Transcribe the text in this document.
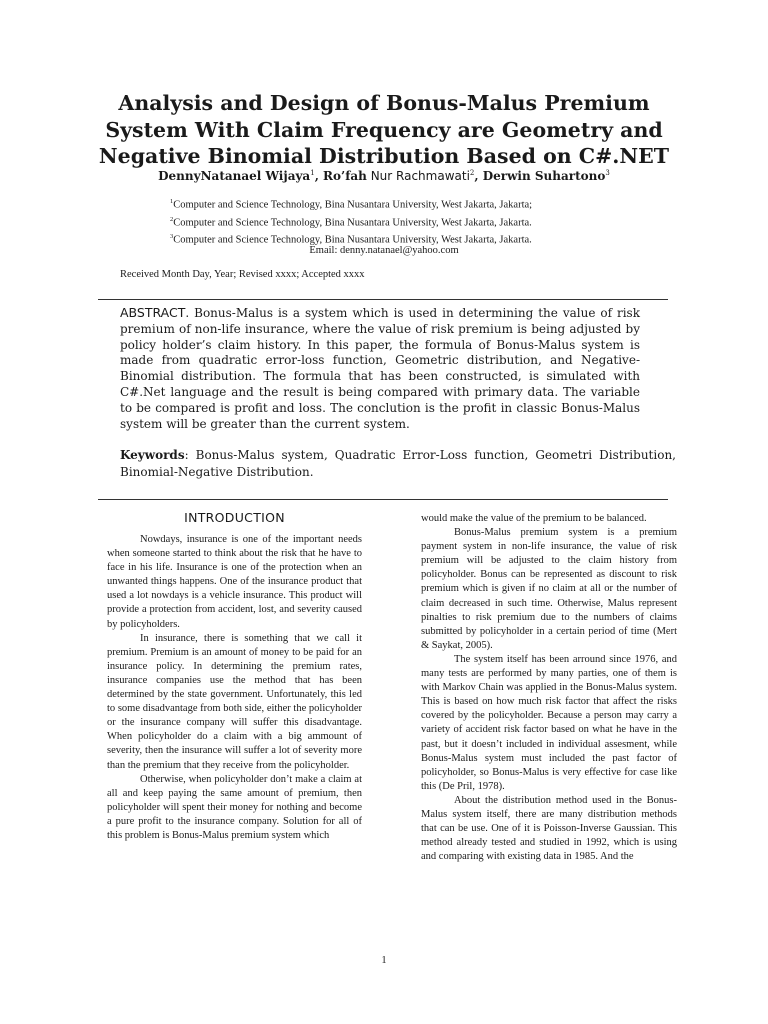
Analysis and Design of Bonus-Malus Premium
System With Claim Frequency are Geometry and
Negative Binomial Distribution Based on C#.NET
DennyNatanael Wijaya$^1$, Ro’fah Nur Rachmawati$^2$, Derwin Suhartono$^3$
$^1$Computer and Science Technology, Bina Nusantara University, West Jakarta, Jakarta;
$^2$Computer and Science Technology, Bina Nusantara University, West Jakarta, Jakarta.
$^3$Computer and Science Technology, Bina Nusantara University, West Jakarta, Jakarta.
Email: denny.natanael@yahoo.com
Received Month Day, Year; Revised xxxx; Accepted xxxx

ABSTRACT. Bonus-Malus is a system which is used in determining the value of risk premium of non-life insurance, where the value of risk premium is being adjusted by policy holder’s claim history. In this paper, the formula of Bonus-Malus system is made from quadratic error-loss function, Geometric distribution, and Negative-Binomial distribution. The formula that has been constructed, is simulated with C#.Net language and the result is being compared with primary data. The variable to be compared is profit and loss. The conclution is the profit in classic Bonus-Malus system will be greater than the current system.

Keywords: Bonus-Malus system, Quadratic Error-Loss function, Geometri Distribution, Binomial-Negative Distribution.

INTRODUCTION

Nowdays, insurance is one of the important needs when someone started to think about the risk that he have to face in his life. Insurance is one of the protection when an unwanted things happens. One of the insurance product that used a lot nowdays is a vehicle insurance. This product will provide a protection from accident, lost, and severity caused by policyholders.

In insurance, there is something that we call it premium. Premium is an amount of money to be paid for an insurance policy. In determining the premium rates, insurance companies use the method that has been determined by the state government. Unfortunately, this led to some disadvantage from both side, either the policyholder or the insurance company will suffer this disadvantage. When policyholder do a claim with a big ammount of severity, then the insurance will suffer a lot of severity more than the premium that they receive from the policyholder.

Otherwise, when policyholder don’t make a claim at all and keep paying the same amount of premium, then policyholder will spent their money for nothing and become a pure profit to the insurance company. Solution for all of this problem is Bonus-Malus premium system which

would make the value of the premium to be balanced.

Bonus-Malus premium system is a premium payment system in non-life insurance, the value of risk premium will be adjusted to the claim history from policyholder. Bonus can be represented as discount to risk premium which is given if no claim at all or the number of claim decreased in such time. Otherwise, Malus represent pinalties to risk premium due to the numbers of claims submitted by policyholder in a certain period of time (Mert & Saykat, 2005).

The system itself has been arround since 1976, and many tests are performed by many parties, one of them is with Markov Chain was applied in the Bonus-Malus system. This is based on how much risk factor that affect the risks covered by the policyholder. Because a person may carry a variety of accident risk factor based on what he have in the past, but it doesn’t included in individual assesment, while Bonus-Malus system must included the past factor of policyholder, so Bonus-Malus is very effective for case like this (De Pril, 1978).

About the distribution method used in the Bonus-Malus system itself, there are many distribution methods that can be use. One of it is Poisson-Inverse Gaussian. This method already tested and studied in 1992, which is using and comparing with existing data in 1985. And the

1
